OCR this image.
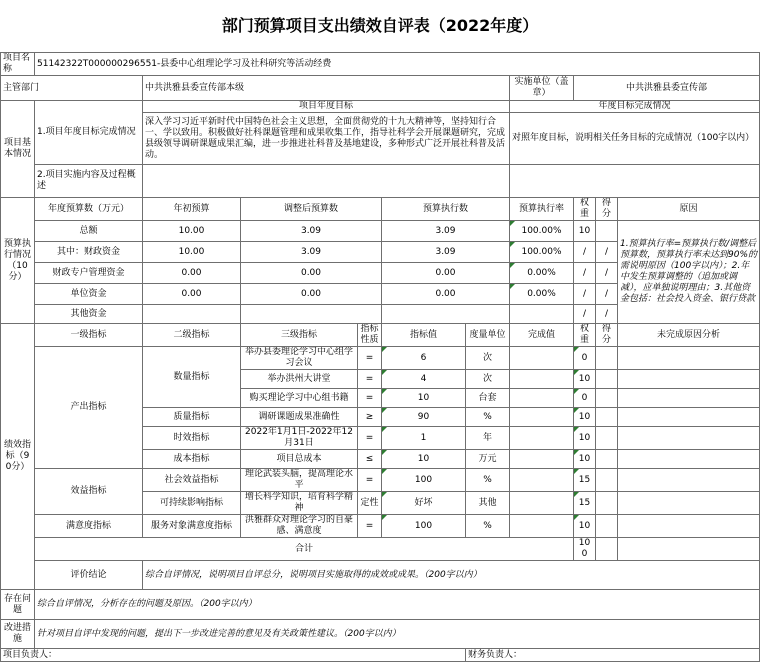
部门预算项目支出绩效自评表（2022年度）
项目名称	51142322T000000296551-县委中心组理论学习及社科研究等活动经费									
主管部门		中共洪雅县委宣传部本级					实施单位（盖章）	中共洪雅县委宣传部		
项目基本情况	1.项目年度目标完成情况	项目年度目标					年度目标完成情况			
		深入学习习近平新时代中国特色社会主义思想，全面贯彻党的十九大精神等，坚持知行合一、学以致用。积极做好社科课题管理和成果收集工作，指导社科学会开展课题研究，完成县级领导调研课题成果汇编，进一步推进社科普及基地建设，多种形式广泛开展社科普及活动。					对照年度目标，说明相关任务目标的完成情况（100字以内）			
	2.项目实施内容及过程概述									
预算执行情况（10分）	年度预算数（万元）	年初预算	调整后预算数		预算执行数		预算执行率	权重	得分	原因
	总额	10.00	3.09		3.09		100.00%	10		1.预算执行率=预算执行数/调整后预算数，预算执行率未达到90%的需说明原因（100字以内）；2.年中发生预算调整的（追加或调减），应单独说明理由；3.其他资金包括：社会投入资金、银行贷款
	其中：财政资金	10.00	3.09		3.09		100.00%	/	/	
	财政专户管理资金	0.00	0.00		0.00		0.00%	/	/	
	单位资金	0.00	0.00		0.00		0.00%	/	/	
	其他资金							/	/	
绩效指标（90分）	一级指标	二级指标	三级指标	指标性质	指标值	度量单位	完成值	权重	得分	未完成原因分析
	产出指标	数量指标	举办县委理论学习中心组学习会议	=	6	次		0		
			举办洪州大讲堂	=	4	次		10		
			购买理论学习中心组书籍	=	10	台套		0		
		质量指标	调研课题成果准确性	≥	90	%		10		
		时效指标	2022年1月1日-2022年12月31日	=	1	年		10		
		成本指标	项目总成本	≤	10	万元		10		
	效益指标	社会效益指标	理论武装头脑，提高理论水平	=	100	%		15		
		可持续影响指标	增长科学知识，培育科学精神	定性	好坏	其他		15		
	满意度指标	服务对象满意度指标	洪雅群众对理论学习的自豪感、满意度	=	100	%		10		
	合计							100		
	评价结论	综合自评情况，说明项目自评总分，说明项目实施取得的成效或成果。（200字以内）								
存在问题	综合自评情况，分析存在的问题及原因。（200字以内）									
改进措施	针对项目自评中发现的问题，提出下一步改进完善的意见及有关政策性建议。（200字以内）									
项目负责人：						财务负责人：				
